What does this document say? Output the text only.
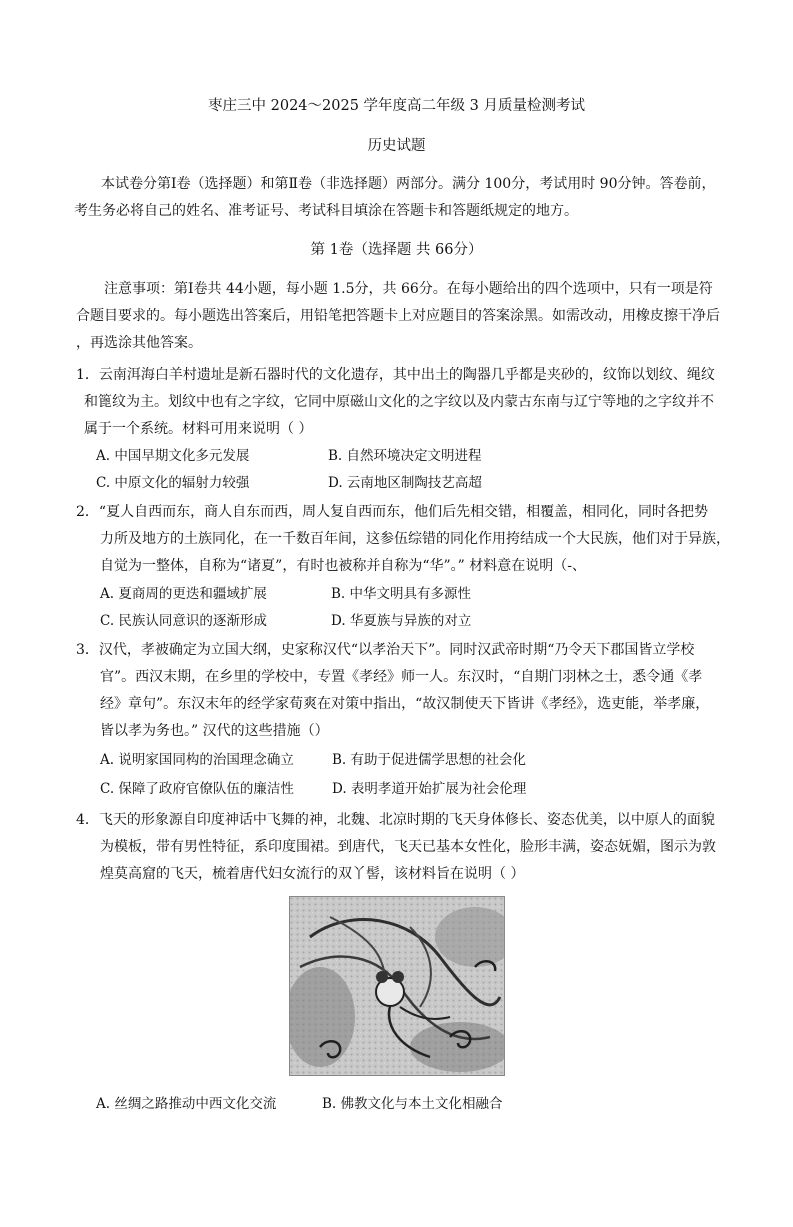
枣庄三中 2024～2025 学年度高二年级 3 月质量检测考试
历史试题
本试卷分第Ⅰ卷（选择题）和第Ⅱ卷（非选择题）两部分。满分 100分，考试用时 90分钟。答卷前，
考生务必将自己的姓名、准考证号、考试科目填涂在答题卡和答题纸规定的地方。
第 1卷（选择题 共 66分）
注意事项：第Ⅰ卷共 44小题，每小题 1.5分，共 66分。在每小题给出的四个选项中，只有一项是符
合题目要求的。每小题选出答案后，用铅笔把答题卡上对应题目的答案涂黑。如需改动，用橡皮擦干净后
，再选涂其他答案。
1．云南洱海白羊村遗址是新石器时代的文化遗存，其中出土的陶器几乎都是夹砂的，纹饰以划纹、绳纹
和篦纹为主。划纹中也有之字纹，它同中原磁山文化的之字纹以及内蒙古东南与辽宁等地的之字纹并不
属于一个系统。材料可用来说明（ ）
A. 中国早期文化多元发展	B. 自然环境决定文明进程
C. 中原文化的辐射力较强	D. 云南地区制陶技艺高超
2．“夏人自西而东，商人自东而西，周人复自西而东，他们后先相交错，相覆盖，相同化，同时各把势
力所及地方的土族同化，在一千数百年间，这参伍综错的同化作用挎结成一个大民族，他们对于异族，
自觉为一整体，自称为“诸夏”，有时也被称并自称为“华”。” 材料意在说明（-、
A. 夏商周的更迭和疆域扩展	B. 中华文明具有多源性
C. 民族认同意识的逐渐形成	D. 华夏族与异族的对立
3．汉代，孝被确定为立国大纲，史家称汉代“以孝治天下”。同时汉武帝时期“乃令天下郡国皆立学校
官”。西汉末期，在乡里的学校中，专置《孝经》师一人。东汉时，“自期门羽林之士，悉令通《孝
经》章句”。东汉末年的经学家荀爽在对策中指出，“故汉制使天下皆讲《孝经》，选吏能，举孝廉，
皆以孝为务也。” 汉代的这些措施（）
A. 说明家国同构的治国理念确立	B. 有助于促进儒学思想的社会化
C. 保障了政府官僚队伍的廉洁性	D. 表明孝道开始扩展为社会伦理
4．飞天的形象源自印度神话中飞舞的神，北魏、北凉时期的飞天身体修长、姿态优美，以中原人的面貌
为模板，带有男性特征，系印度围裙。到唐代，飞天已基本女性化，脸形丰满，姿态妩媚，图示为敦
煌莫高窟的飞天，梳着唐代妇女流行的双丫髻，该材料旨在说明（ ）
A. 丝绸之路推动中西文化交流	B. 佛教文化与本土文化相融合
